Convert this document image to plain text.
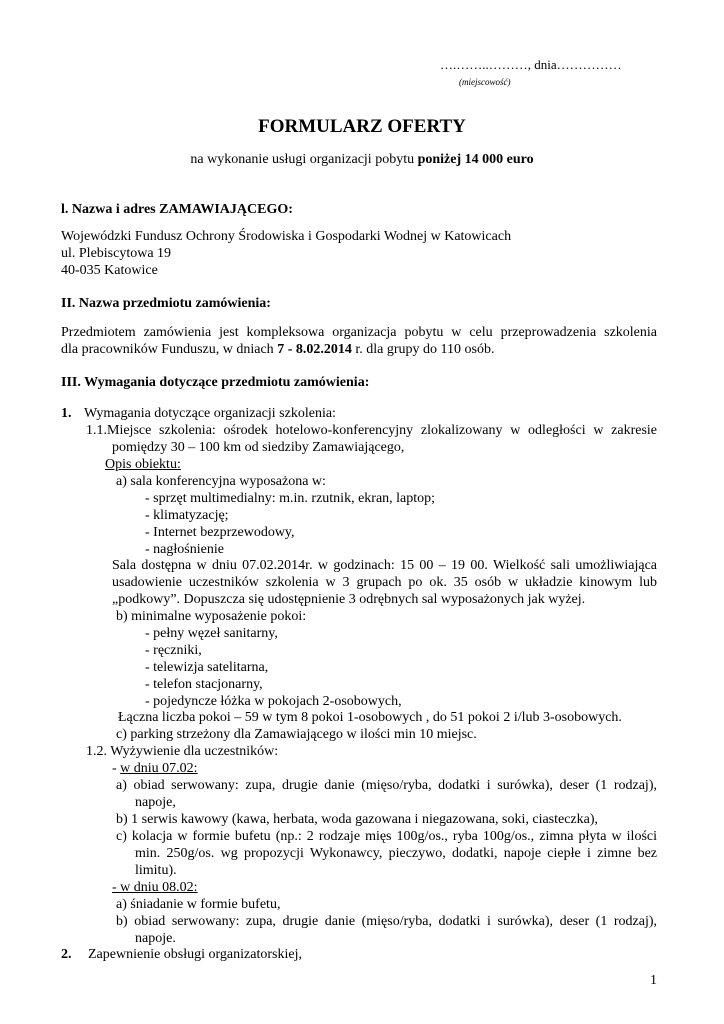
….……..………, dnia……………
(miejscowość)
FORMULARZ OFERTY
na wykonanie usługi organizacji pobytu poniżej 14 000 euro
l. Nazwa i adres ZAMAWIAJĄCEGO:
Wojewódzki Fundusz Ochrony Środowiska i Gospodarki Wodnej w Katowicach
ul. Plebiscytowa 19
40-035 Katowice
II. Nazwa przedmiotu zamówienia:
Przedmiotem zamówienia jest kompleksowa organizacja pobytu w celu przeprowadzenia szkolenia
dla pracowników Funduszu, w dniach 7 - 8.02.2014 r. dla grupy do 110 osób.
III. Wymagania dotyczące przedmiotu zamówienia:
1. Wymagania dotyczące organizacji szkolenia:
1.1.Miejsce szkolenia: ośrodek hotelowo-konferencyjny zlokalizowany w odległości w zakresie
pomiędzy 30 – 100 km od siedziby Zamawiającego,
Opis obiektu:
a) sala konferencyjna wyposażona w:
- sprzęt multimedialny: m.in. rzutnik, ekran, laptop;
- klimatyzację;
- Internet bezprzewodowy,
- nagłośnienie
Sala dostępna w dniu 07.02.2014r. w godzinach: 15 00 – 19 00. Wielkość sali umożliwiająca
usadowienie uczestników szkolenia w 3 grupach po ok. 35 osób w układzie kinowym lub
„podkowy”. Dopuszcza się udostępnienie 3 odrębnych sal wyposażonych jak wyżej.
b) minimalne wyposażenie pokoi:
- pełny węzeł sanitarny,
- ręczniki,
- telewizja satelitarna,
- telefon stacjonarny,
- pojedyncze łóżka w pokojach 2-osobowych,
Łączna liczba pokoi – 59 w tym 8 pokoi 1-osobowych , do 51 pokoi 2 i/lub 3-osobowych.
c) parking strzeżony dla Zamawiającego w ilości min 10 miejsc.
1.2. Wyżywienie dla uczestników:
- w dniu 07.02:
a) obiad serwowany: zupa, drugie danie (mięso/ryba, dodatki i surówka), deser (1 rodzaj),
napoje,
b) 1 serwis kawowy (kawa, herbata, woda gazowana i niegazowana, soki, ciasteczka),
c) kolacja w formie bufetu (np.: 2 rodzaje mięs 100g/os., ryba 100g/os., zimna płyta w ilości
min. 250g/os. wg propozycji Wykonawcy, pieczywo, dodatki, napoje ciepłe i zimne bez
limitu).
- w dniu 08.02:
a) śniadanie w formie bufetu,
b) obiad serwowany: zupa, drugie danie (mięso/ryba, dodatki i surówka), deser (1 rodzaj),
napoje.
2. Zapewnienie obsługi organizatorskiej,
1
